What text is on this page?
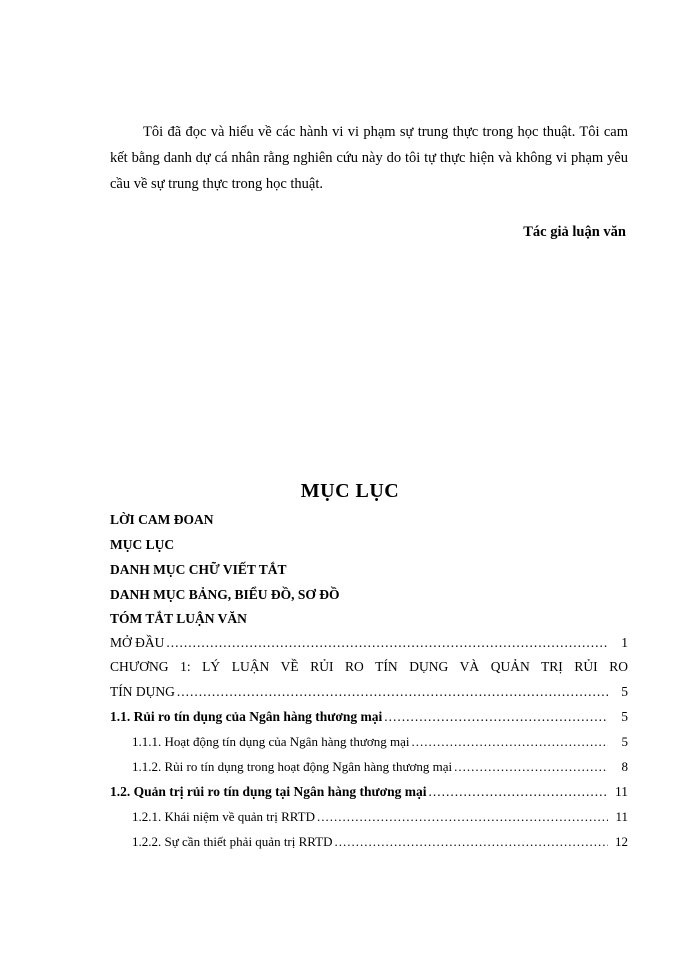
Tôi đã đọc và hiểu về các hành vi vi phạm sự trung thực trong học thuật. Tôi cam kết bằng danh dự cá nhân rằng nghiên cứu này do tôi tự thực hiện và không vi phạm yêu cầu về sự trung thực trong học thuật.
Tác giả luận văn
MỤC LỤC
LỜI CAM ĐOAN
MỤC LỤC
DANH MỤC CHỮ VIẾT TẮT
DANH MỤC BẢNG, BIỂU ĐỒ, SƠ ĐỒ
TÓM TẮT LUẬN VĂN
MỞ ĐẦU .....	1
CHƯƠNG 1: LÝ LUẬN VỀ RỦI RO TÍN DỤNG VÀ QUẢN TRỊ RỦI RO
TÍN DỤNG .....	5
1.1. Rủi ro tín dụng của Ngân hàng thương mại .....	5
1.1.1. Hoạt động tín dụng của Ngân hàng thương mại .....	5
1.1.2. Rủi ro tín dụng trong hoạt động Ngân hàng thương mại .....	8
1.2. Quản trị rủi ro tín dụng tại Ngân hàng thương mại .....	11
1.2.1. Khái niệm về quản trị RRTD .....	11
1.2.2. Sự cần thiết phải quản trị RRTD .....	12
